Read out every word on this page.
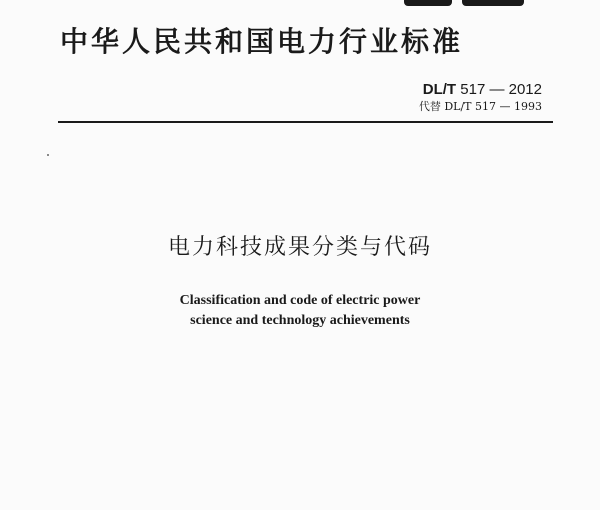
中华人民共和国电力行业标准
DL/T 517 — 2012
代替 DL/T 517 — 1993
电力科技成果分类与代码
Classification and code of electric power
science and technology achievements
